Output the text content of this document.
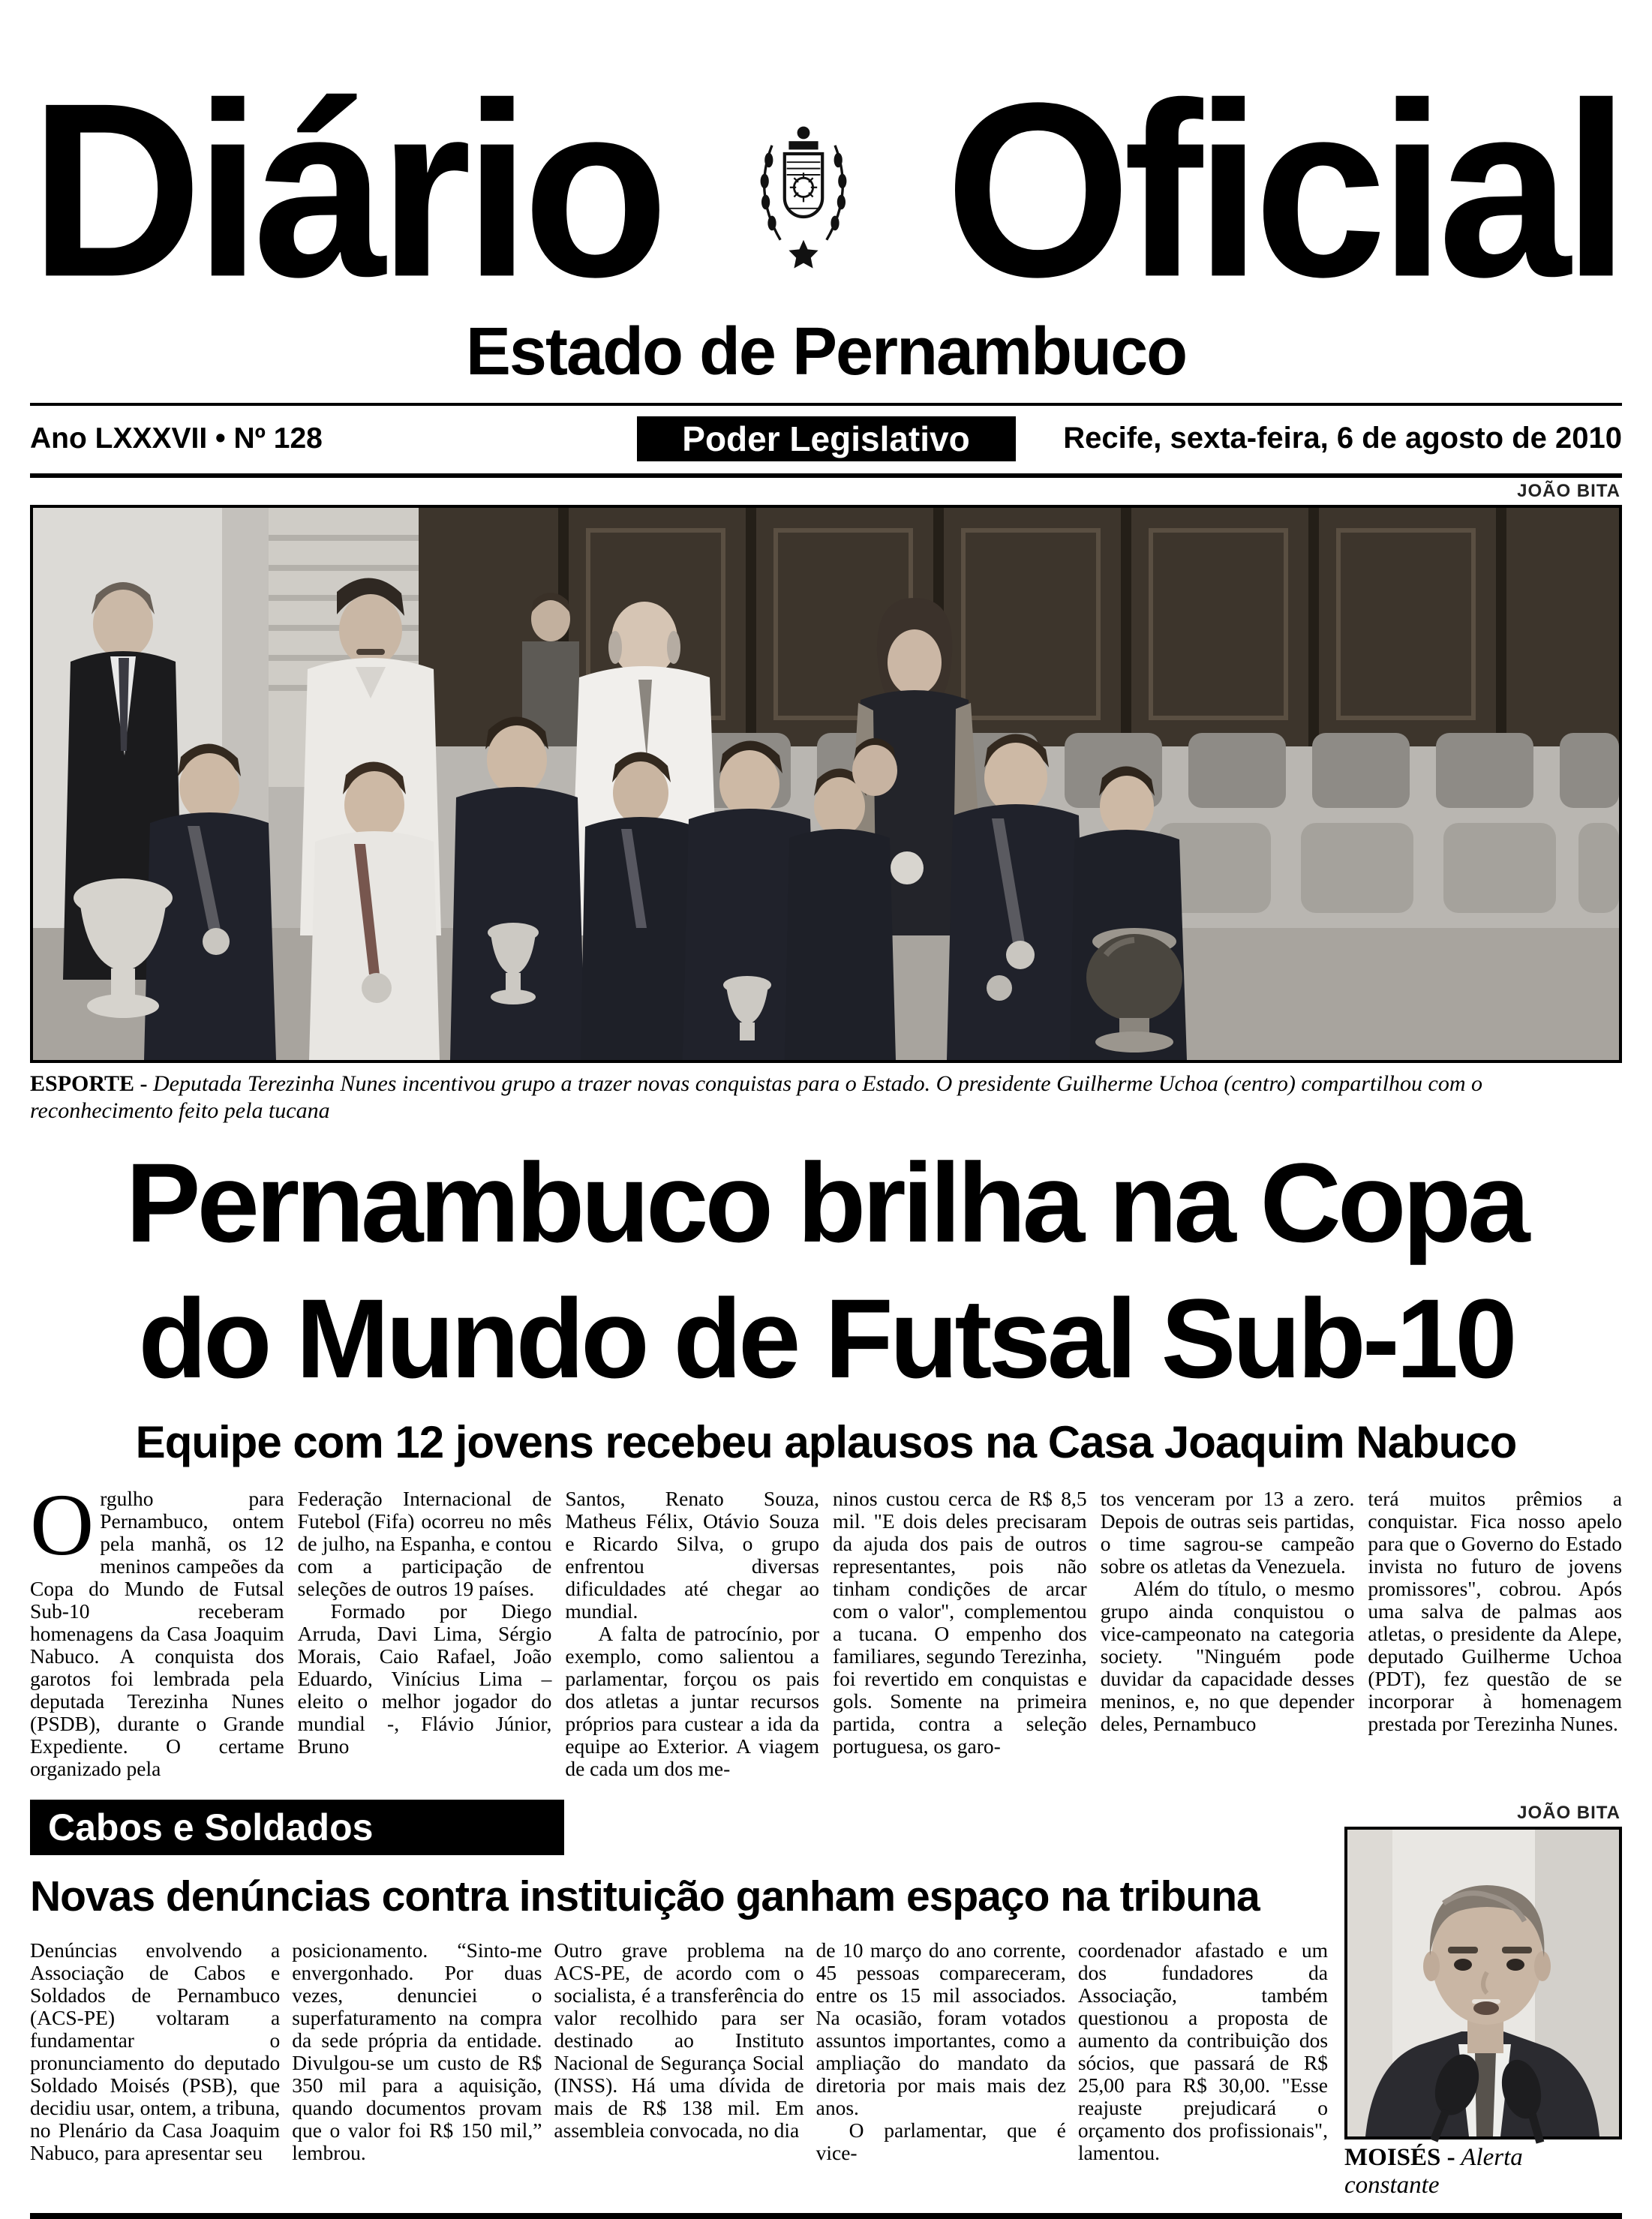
Diário Oficial
Estado de Pernambuco
Ano LXXXVII • Nº 128	Poder Legislativo	Recife, sexta-feira, 6 de agosto de 2010
JOÃO BITA
ESPORTE - Deputada Terezinha Nunes incentivou grupo a trazer novas conquistas para o Estado. O presidente Guilherme Uchoa (centro) compartilhou com o reconhecimento feito pela tucana
Pernambuco brilha na Copa
do Mundo de Futsal Sub-10
Equipe com 12 jovens recebeu aplausos na Casa Joaquim Nabuco

Orgulho para Pernambuco, ontem pela manhã, os 12 meninos campeões da Copa do Mundo de Futsal Sub-10 receberam homenagens da Casa Joaquim Nabuco. A conquista dos garotos foi lembrada pela deputada Terezinha Nunes (PSDB), durante o Grande Expediente. O certame organizado pela

Federação Internacional de Futebol (Fifa) ocorreu no mês de julho, na Espanha, e contou com a participação de seleções de outros 19 países.

Formado por Diego Arruda, Davi Lima, Sérgio Morais, Caio Rafael, João Eduardo, Vinícius Lima – eleito o melhor jogador do mundial -, Flávio Júnior, Bruno

Santos, Renato Souza, Matheus Félix, Otávio Souza e Ricardo Silva, o grupo enfrentou diversas dificuldades até chegar ao mundial.

A falta de patrocínio, por exemplo, como salientou a parlamentar, forçou os pais dos atletas a juntar recursos próprios para custear a ida da equipe ao Exterior. A viagem de cada um dos me-

ninos custou cerca de R$ 8,5 mil. "E dois deles precisaram da ajuda dos pais de outros representantes, pois não tinham condições de arcar com o valor", complementou a tucana. O empenho dos familiares, segundo Terezinha, foi revertido em conquistas e gols. Somente na primeira partida, contra a seleção portuguesa, os garo-

tos venceram por 13 a zero. Depois de outras seis partidas, o time sagrou-se campeão sobre os atletas da Venezuela.

Além do título, o mesmo grupo ainda conquistou o vice-campeonato na categoria society. "Ninguém pode duvidar da capacidade desses meninos, e, no que depender deles, Pernambuco

terá muitos prêmios a conquistar. Fica nosso apelo para que o Governo do Estado invista no futuro de jovens promissores", cobrou. Após uma salva de palmas aos atletas, o presidente da Alepe, deputado Guilherme Uchoa (PDT), fez questão de se incorporar à homenagem prestada por Terezinha Nunes.

Cabos e Soldados
Novas denúncias contra instituição ganham espaço na tribuna

Denúncias envolvendo a Associação de Cabos e Soldados de Pernambuco (ACS-PE) voltaram a fundamentar o pronunciamento do deputado Soldado Moisés (PSB), que decidiu usar, ontem, a tribuna, no Plenário da Casa Joaquim Nabuco, para apresentar seu

posicionamento. “Sinto-me envergonhado. Por duas vezes, denunciei o superfaturamento na compra da sede própria da entidade. Divulgou-se um custo de R$ 350 mil para a aquisição, quando documentos provam que o valor foi R$ 150 mil,” lembrou.

Outro grave problema na ACS-PE, de acordo com o socialista, é a transferência do valor recolhido para ser destinado ao Instituto Nacional de Segurança Social (INSS). Há uma dívida de mais de R$ 138 mil. Em assembleia convocada, no dia

de 10 março do ano corrente, 45 pessoas compareceram, entre os 15 mil associados. Na ocasião, foram votados assuntos importantes, como a ampliação do mandato da diretoria por mais mais dez anos.

O parlamentar, que é vice-

coordenador afastado e um dos fundadores da Associação, também questionou a proposta de aumento da contribuição dos sócios, que passará de R$ 25,00 para R$ 30,00. "Esse reajuste prejudicará o orçamento dos profissionais", lamentou.

JOÃO BITA
MOISÉS - Alerta constante
